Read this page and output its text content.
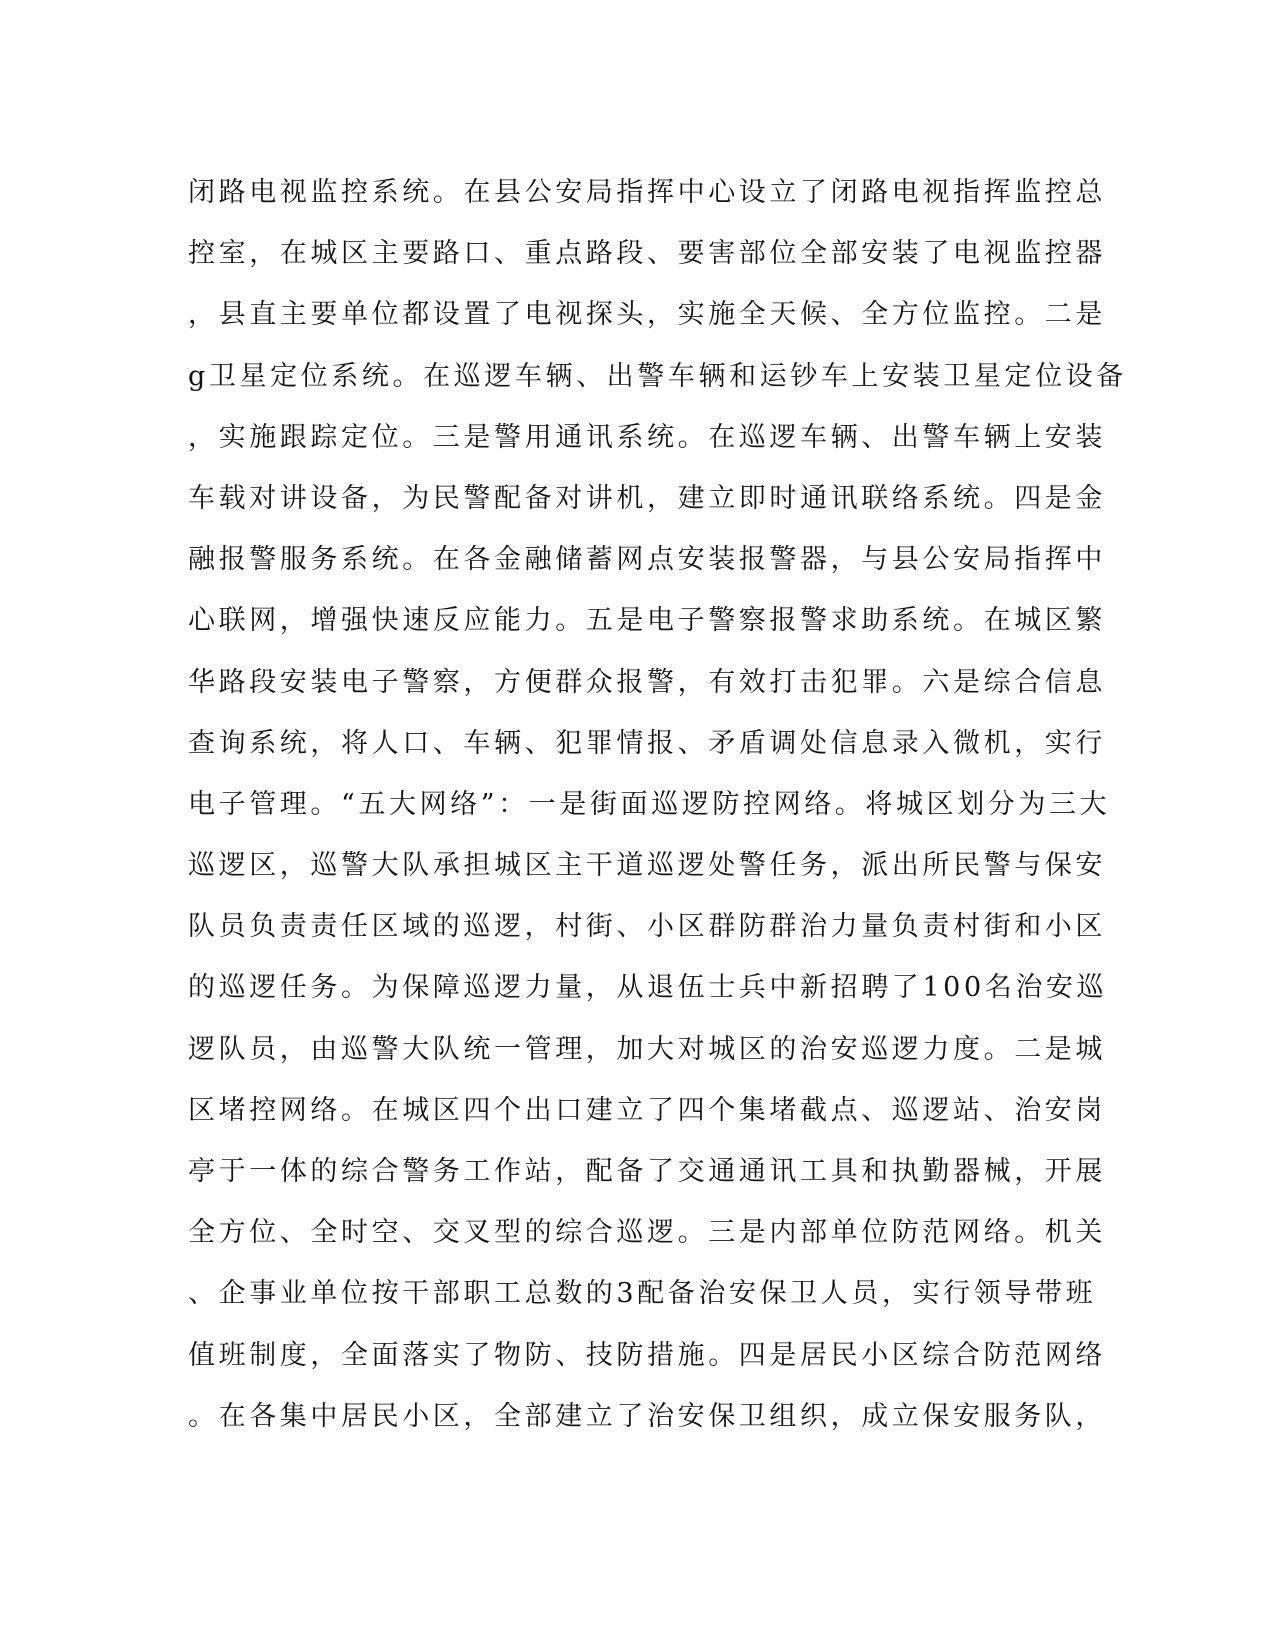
闭路电视监控系统。在县公安局指挥中心设立了闭路电视指挥监控总
控室，在城区主要路口、重点路段、要害部位全部安装了电视监控器
，县直主要单位都设置了电视探头，实施全天候、全方位监控。二是
g卫星定位系统。在巡逻车辆、出警车辆和运钞车上安装卫星定位设备
，实施跟踪定位。三是警用通讯系统。在巡逻车辆、出警车辆上安装
车载对讲设备，为民警配备对讲机，建立即时通讯联络系统。四是金
融报警服务系统。在各金融储蓄网点安装报警器，与县公安局指挥中
心联网，增强快速反应能力。五是电子警察报警求助系统。在城区繁
华路段安装电子警察，方便群众报警，有效打击犯罪。六是综合信息
查询系统，将人口、车辆、犯罪情报、矛盾调处信息录入微机，实行
电子管理。“五大网络”：一是街面巡逻防控网络。将城区划分为三大
巡逻区，巡警大队承担城区主干道巡逻处警任务，派出所民警与保安
队员负责责任区域的巡逻，村街、小区群防群治力量负责村街和小区
的巡逻任务。为保障巡逻力量，从退伍士兵中新招聘了100名治安巡
逻队员，由巡警大队统一管理，加大对城区的治安巡逻力度。二是城
区堵控网络。在城区四个出口建立了四个集堵截点、巡逻站、治安岗
亭于一体的综合警务工作站，配备了交通通讯工具和执勤器械，开展
全方位、全时空、交叉型的综合巡逻。三是内部单位防范网络。机关
、企事业单位按干部职工总数的3配备治安保卫人员，实行领导带班
值班制度，全面落实了物防、技防措施。四是居民小区综合防范网络
。在各集中居民小区，全部建立了治安保卫组织，成立保安服务队，
